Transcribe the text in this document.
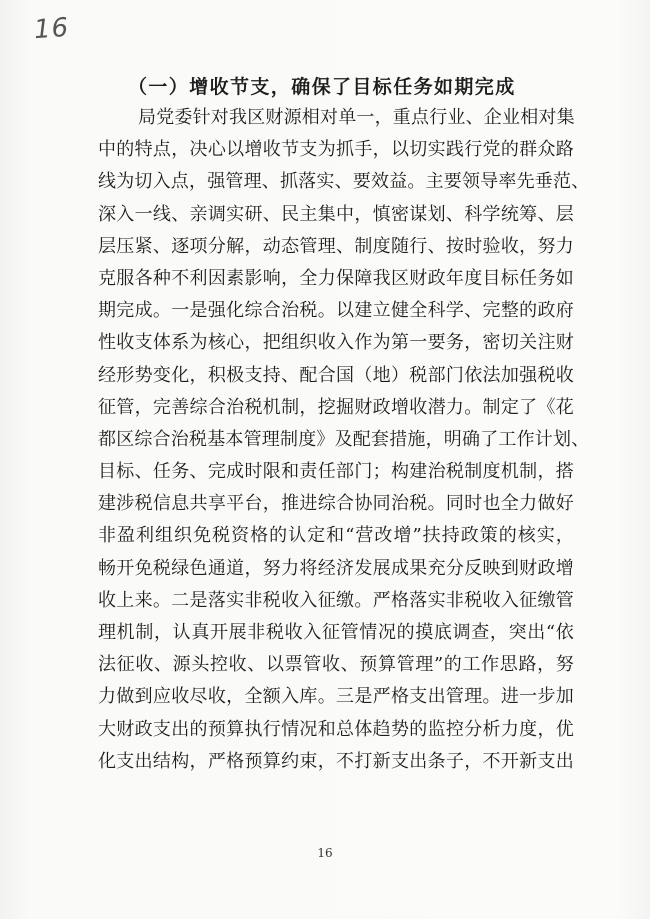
16
（一）增收节支，确保了目标任务如期完成
局党委针对我区财源相对单一，重点行业、企业相对集
中的特点，决心以增收节支为抓手，以切实践行党的群众路
线为切入点，强管理、抓落实、要效益。主要领导率先垂范、
深入一线、亲调实研、民主集中，慎密谋划、科学统筹、层
层压紧、逐项分解，动态管理、制度随行、按时验收，努力
克服各种不利因素影响，全力保障我区财政年度目标任务如
期完成。一是强化综合治税。以建立健全科学、完整的政府
性收支体系为核心，把组织收入作为第一要务，密切关注财
经形势变化，积极支持、配合国（地）税部门依法加强税收
征管，完善综合治税机制，挖掘财政增收潜力。制定了《花
都区综合治税基本管理制度》及配套措施，明确了工作计划、
目标、任务、完成时限和责任部门；构建治税制度机制，搭
建涉税信息共享平台，推进综合协同治税。同时也全力做好
非盈利组织免税资格的认定和“营改增”扶持政策的核实，
畅开免税绿色通道，努力将经济发展成果充分反映到财政增
收上来。二是落实非税收入征缴。严格落实非税收入征缴管
理机制，认真开展非税收入征管情况的摸底调查，突出“依
法征收、源头控收、以票管收、预算管理”的工作思路，努
力做到应收尽收，全额入库。三是严格支出管理。进一步加
大财政支出的预算执行情况和总体趋势的监控分析力度，优
化支出结构，严格预算约束，不打新支出条子，不开新支出
16
